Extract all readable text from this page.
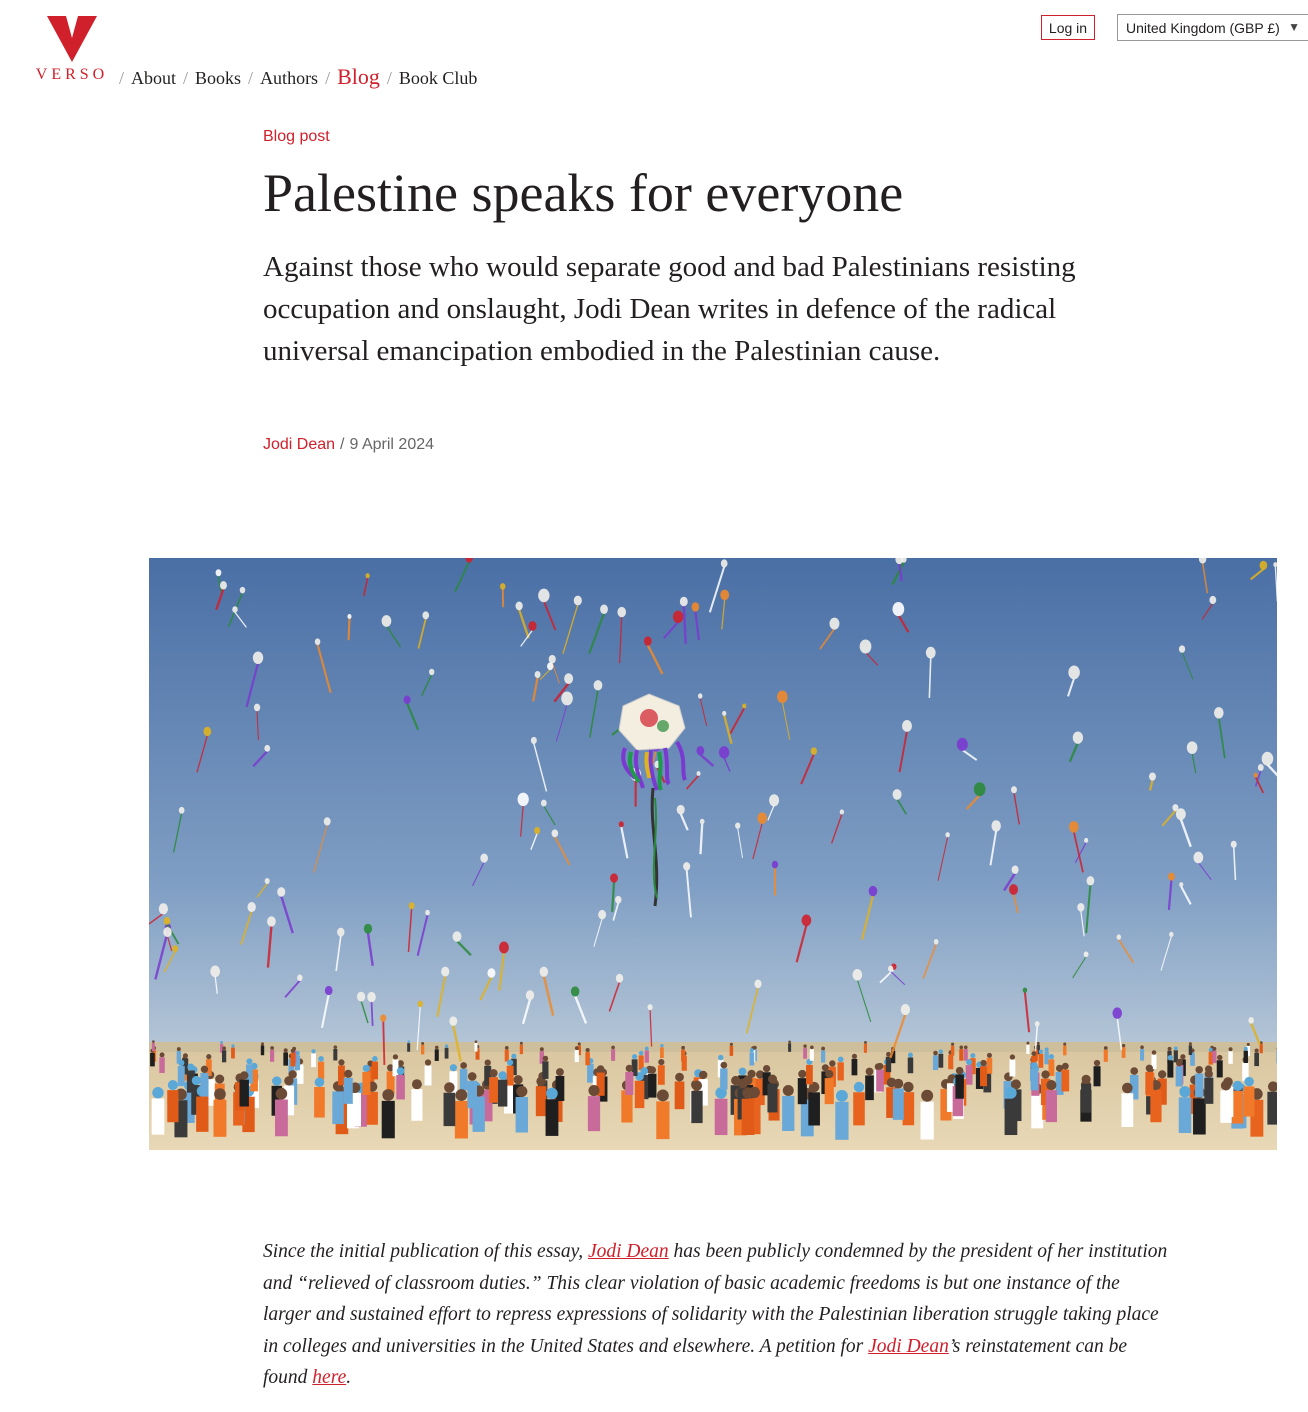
VERSO / About / Books / Authors / Blog / Book Club
Log in	United Kingdom (GBP £) ▼
Blog post
Palestine speaks for everyone

Against those who would separate good and bad Palestinians resisting occupation and onslaught, Jodi Dean writes in defence of the radical universal emancipation embodied in the Palestinian cause.

Jodi Dean / 9 April 2024

Since the initial publication of this essay, Jodi Dean has been publicly condemned by the president of her institution and “relieved of classroom duties.” This clear violation of basic academic freedoms is but one instance of the larger and sustained effort to repress expressions of solidarity with the Palestinian liberation struggle taking place in colleges and universities in the United States and elsewhere. A petition for Jodi Dean’s reinstatement can be found here.
